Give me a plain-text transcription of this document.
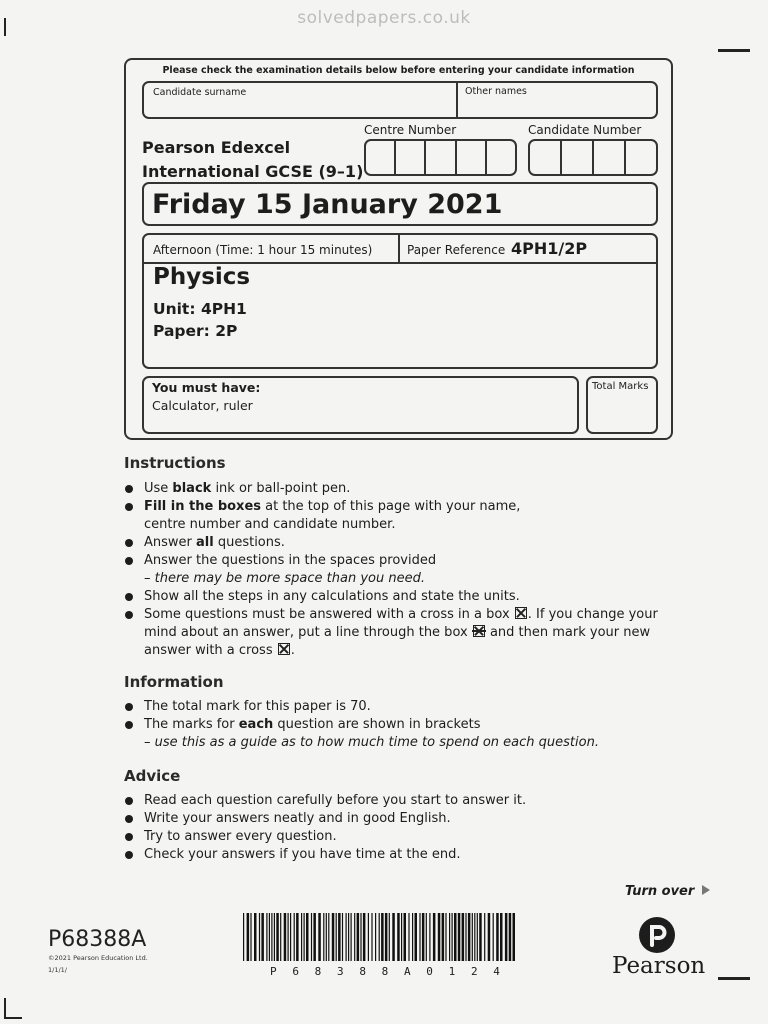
solvedpapers.co.uk
Please check the examination details below before entering your candidate information
Candidate surname	Other names
Centre Number	Candidate Number
Pearson Edexcel
International GCSE (9–1)
Friday 15 January 2021
Afternoon (Time: 1 hour 15 minutes)	Paper Reference 4PH1/2P
Physics
Unit: 4PH1
Paper: 2P
You must have:
Calculator, ruler
Total Marks
Instructions
Use black ink or ball-point pen.
Fill in the boxes at the top of this page with your name,
centre number and candidate number.
Answer all questions.
Answer the questions in the spaces provided
– there may be more space than you need.
Show all the steps in any calculations and state the units.
Some questions must be answered with a cross in a box ☒. If you change your
mind about an answer, put a line through the box
and then mark your new
answer with a cross ☒.
Information
The total mark for this paper is 70.
The marks for each question are shown in brackets
– use this as a guide as to how much time to spend on each question.
Advice
Read each question carefully before you start to answer it.
Write your answers neatly and in good English.
Try to answer every question.
Check your answers if you have time at the end.
Turn over
P68388A
©2021 Pearson Education Ltd.
1/1/1/	P 6 8 3 8 8 A 0 1 2 4	Pearson
